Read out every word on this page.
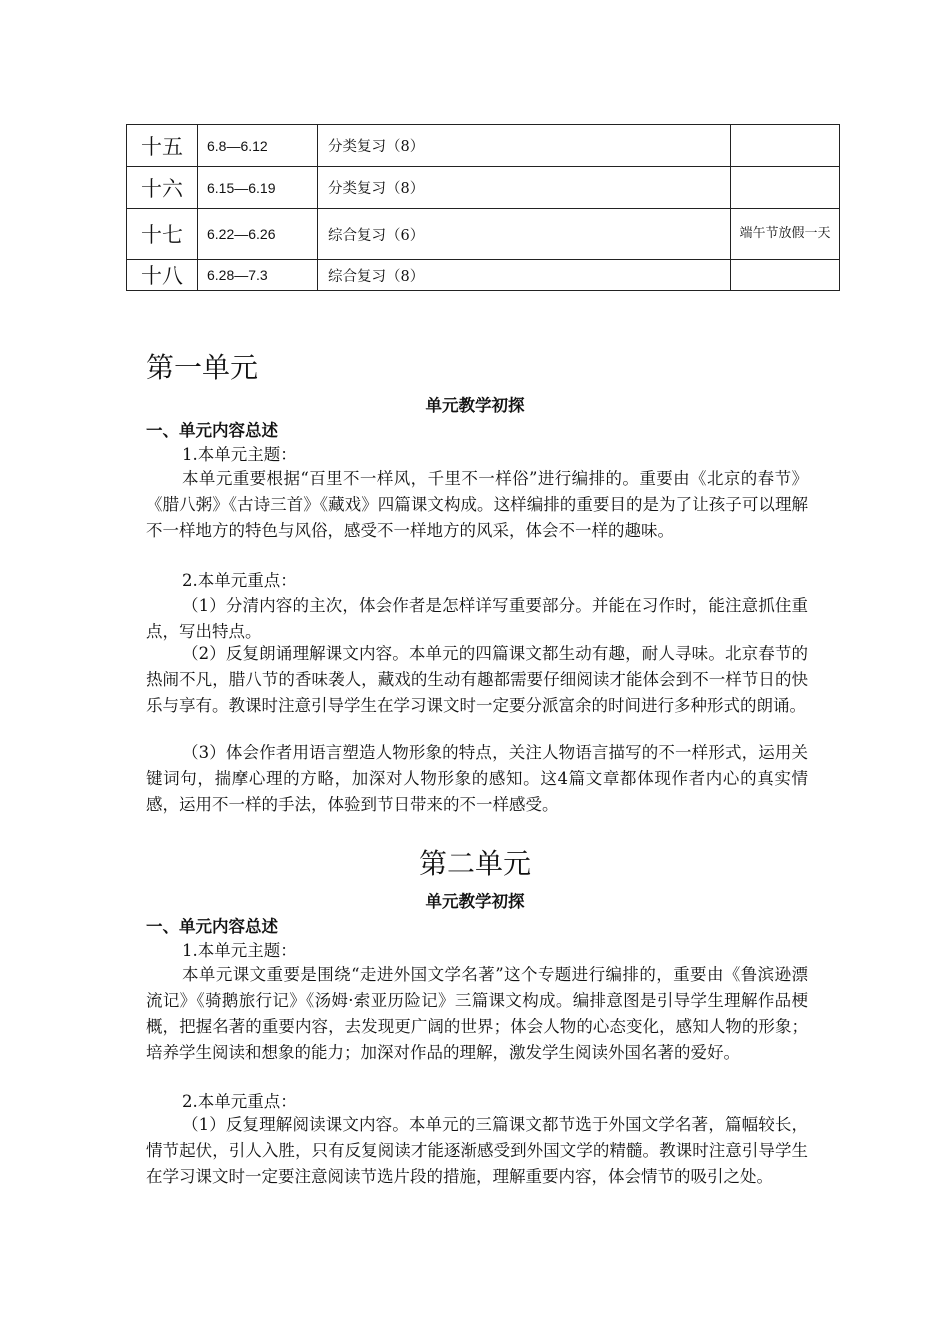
十五	6.8—6.12	分类复习（8）	
十六	6.15—6.19	分类复习（8）	
十七	6.22—6.26	综合复习（6）	端午节放假一天
十八	6.28—7.3	综合复习（8）	
第一单元
单元教学初探
一、单元内容总述

1.本单元主题：

本单元重要根据“百里不一样风，千里不一样俗”进行编排的。重要由《北京的春节》《腊八粥》《古诗三首》《藏戏》四篇课文构成。这样编排的重要目的是为了让孩子可以理解不一样地方的特色与风俗，感受不一样地方的风采，体会不一样的趣味。

2.本单元重点：

（1）分清内容的主次，体会作者是怎样详写重要部分。并能在习作时，能注意抓住重点，写出特点。

（2）反复朗诵理解课文内容。本单元的四篇课文都生动有趣，耐人寻味。北京春节的热闹不凡，腊八节的香味袭人，藏戏的生动有趣都需要仔细阅读才能体会到不一样节日的快乐与享有。教课时注意引导学生在学习课文时一定要分派富余的时间进行多种形式的朗诵。

（3）体会作者用语言塑造人物形象的特点，关注人物语言描写的不一样形式，运用关键词句，揣摩心理的方略，加深对人物形象的感知。这4篇文章都体现作者内心的真实情感，运用不一样的手法，体验到节日带来的不一样感受。

第二单元
单元教学初探
一、单元内容总述

1.本单元主题：

本单元课文重要是围绕“走进外国文学名著”这个专题进行编排的，重要由《鲁滨逊漂流记》《骑鹅旅行记》《汤姆·索亚历险记》三篇课文构成。编排意图是引导学生理解作品梗概，把握名著的重要内容，去发现更广阔的世界；体会人物的心态变化，感知人物的形象；培养学生阅读和想象的能力；加深对作品的理解，激发学生阅读外国名著的爱好。

2.本单元重点：

（1）反复理解阅读课文内容。本单元的三篇课文都节选于外国文学名著，篇幅较长，情节起伏，引人入胜，只有反复阅读才能逐渐感受到外国文学的精髓。教课时注意引导学生在学习课文时一定要注意阅读节选片段的措施，理解重要内容，体会情节的吸引之处。
